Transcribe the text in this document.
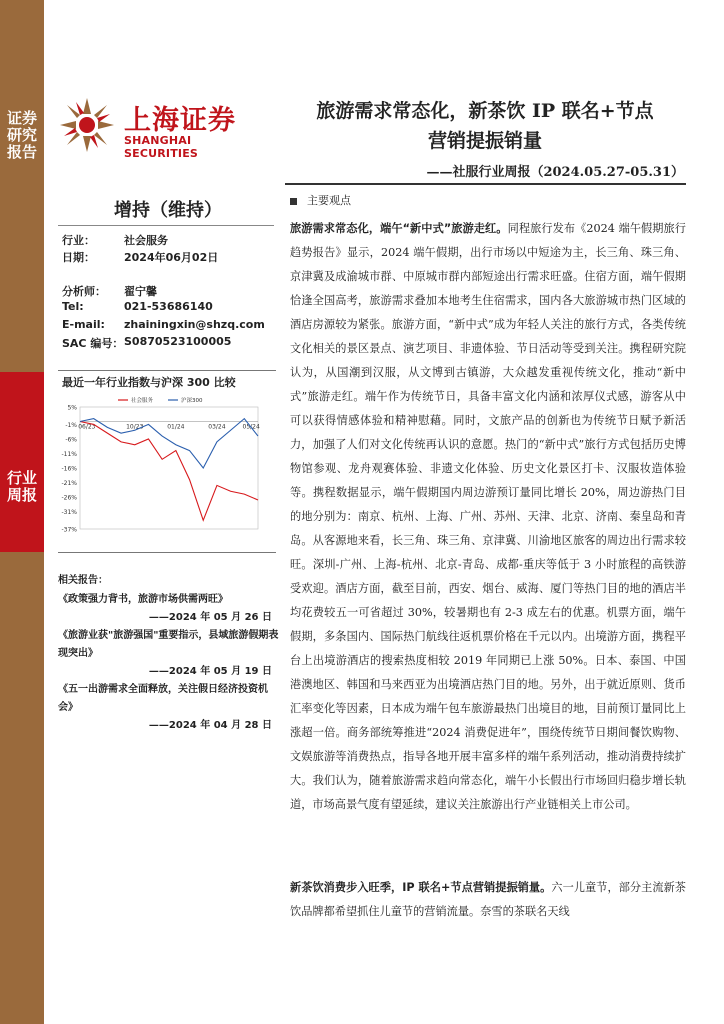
证券研究报告
行业周报
上海证券
SHANGHAI SECURITIES
旅游需求常态化，新茶饮 IP 联名+节点
营销提振销量
——社服行业周报（2024.05.27-05.31）
增持（维持）
行业：	社会服务
日期：	2024年06月02日
分析师： 翟宁馨
Tel:	021-53686140
E-mail: zhainingxin@shzq.com
SAC 编号： S0870523100005
最近一年行业指数与沪深 300 比较
5%
-1%
-6%
-11%
-16%
-21%
-26%
-31%
-37%
06/23	10/23	01/24	03/24	05/24
社会服务	沪深300
相关报告：
《政策强力背书，旅游市场供需两旺》
——2024 年 05 月 26 日
《旅游业获"旅游强国"重要指示，县域旅游假期表现突出》
——2024 年 05 月 19 日
《五一出游需求全面释放，关注假日经济投资机会》
——2024 年 04 月 28 日
主要观点
旅游需求常态化，端午“新中式”旅游走红。同程旅行发布《2024 端午假期旅行趋势报告》显示，2024 端午假期，出行市场以中短途为主，长三角、珠三角、京津冀及成渝城市群、中原城市群内部短途出行需求旺盛。住宿方面，端午假期恰逢全国高考，旅游需求叠加本地考生住宿需求，国内各大旅游城市热门区域的酒店房源较为紧张。旅游方面，“新中式”成为年轻人关注的旅行方式，各类传统文化相关的景区景点、演艺项目、非遗体验、节日活动等受到关注。携程研究院认为，从国潮到汉服，从文博到古镇游，大众越发重视传统文化，推动“新中式”旅游走红。端午作为传统节日，具备丰富文化内涵和浓厚仪式感，游客从中可以获得情感体验和精神慰藉。同时，文旅产品的创新也为传统节日赋予新活力，加强了人们对文化传统再认识的意愿。热门的“新中式”旅行方式包括历史博物馆参观、龙舟观赛体验、非遗文化体验、历史文化景区打卡、汉服妆造体验等。携程数据显示，端午假期国内周边游预订量同比增长 20%，周边游热门目的地分别为：南京、杭州、上海、广州、苏州、天津、北京、济南、秦皇岛和青岛。从客源地来看，长三角、珠三角、京津冀、川渝地区旅客的周边出行需求较旺。深圳-广州、上海-杭州、北京-青岛、成都-重庆等低于 3 小时旅程的高铁游受欢迎。酒店方面，截至目前，西安、烟台、威海、厦门等热门目的地的酒店半均花费较五一可省超过 30%，较暑期也有 2-3 成左右的优惠。机票方面，端午假期，多条国内、国际热门航线往返机票价格在千元以内。出境游方面，携程平台上出境游酒店的搜索热度相较 2019 年同期已上涨 50%。日本、泰国、中国港澳地区、韩国和马来西亚为出境酒店热门目的地。另外，出于就近原则、货币汇率变化等因素，日本成为端午包车旅游最热门出境目的地，目前预订量同比上涨超一倍。商务部统筹推进“2024 消费促进年”，围绕传统节日期间餐饮购物、文娱旅游等消费热点，指导各地开展丰富多样的端午系列活动，推动消费持续扩大。我们认为，随着旅游需求趋向常态化，端午小长假出行市场回归稳步增长轨道，市场高景气度有望延续，建议关注旅游出行产业链相关上市公司。
新茶饮消费步入旺季，IP 联名+节点营销提振销量。六一儿童节，部分主流新茶饮品牌都希望抓住儿童节的营销流量。奈雪的茶联名天线
